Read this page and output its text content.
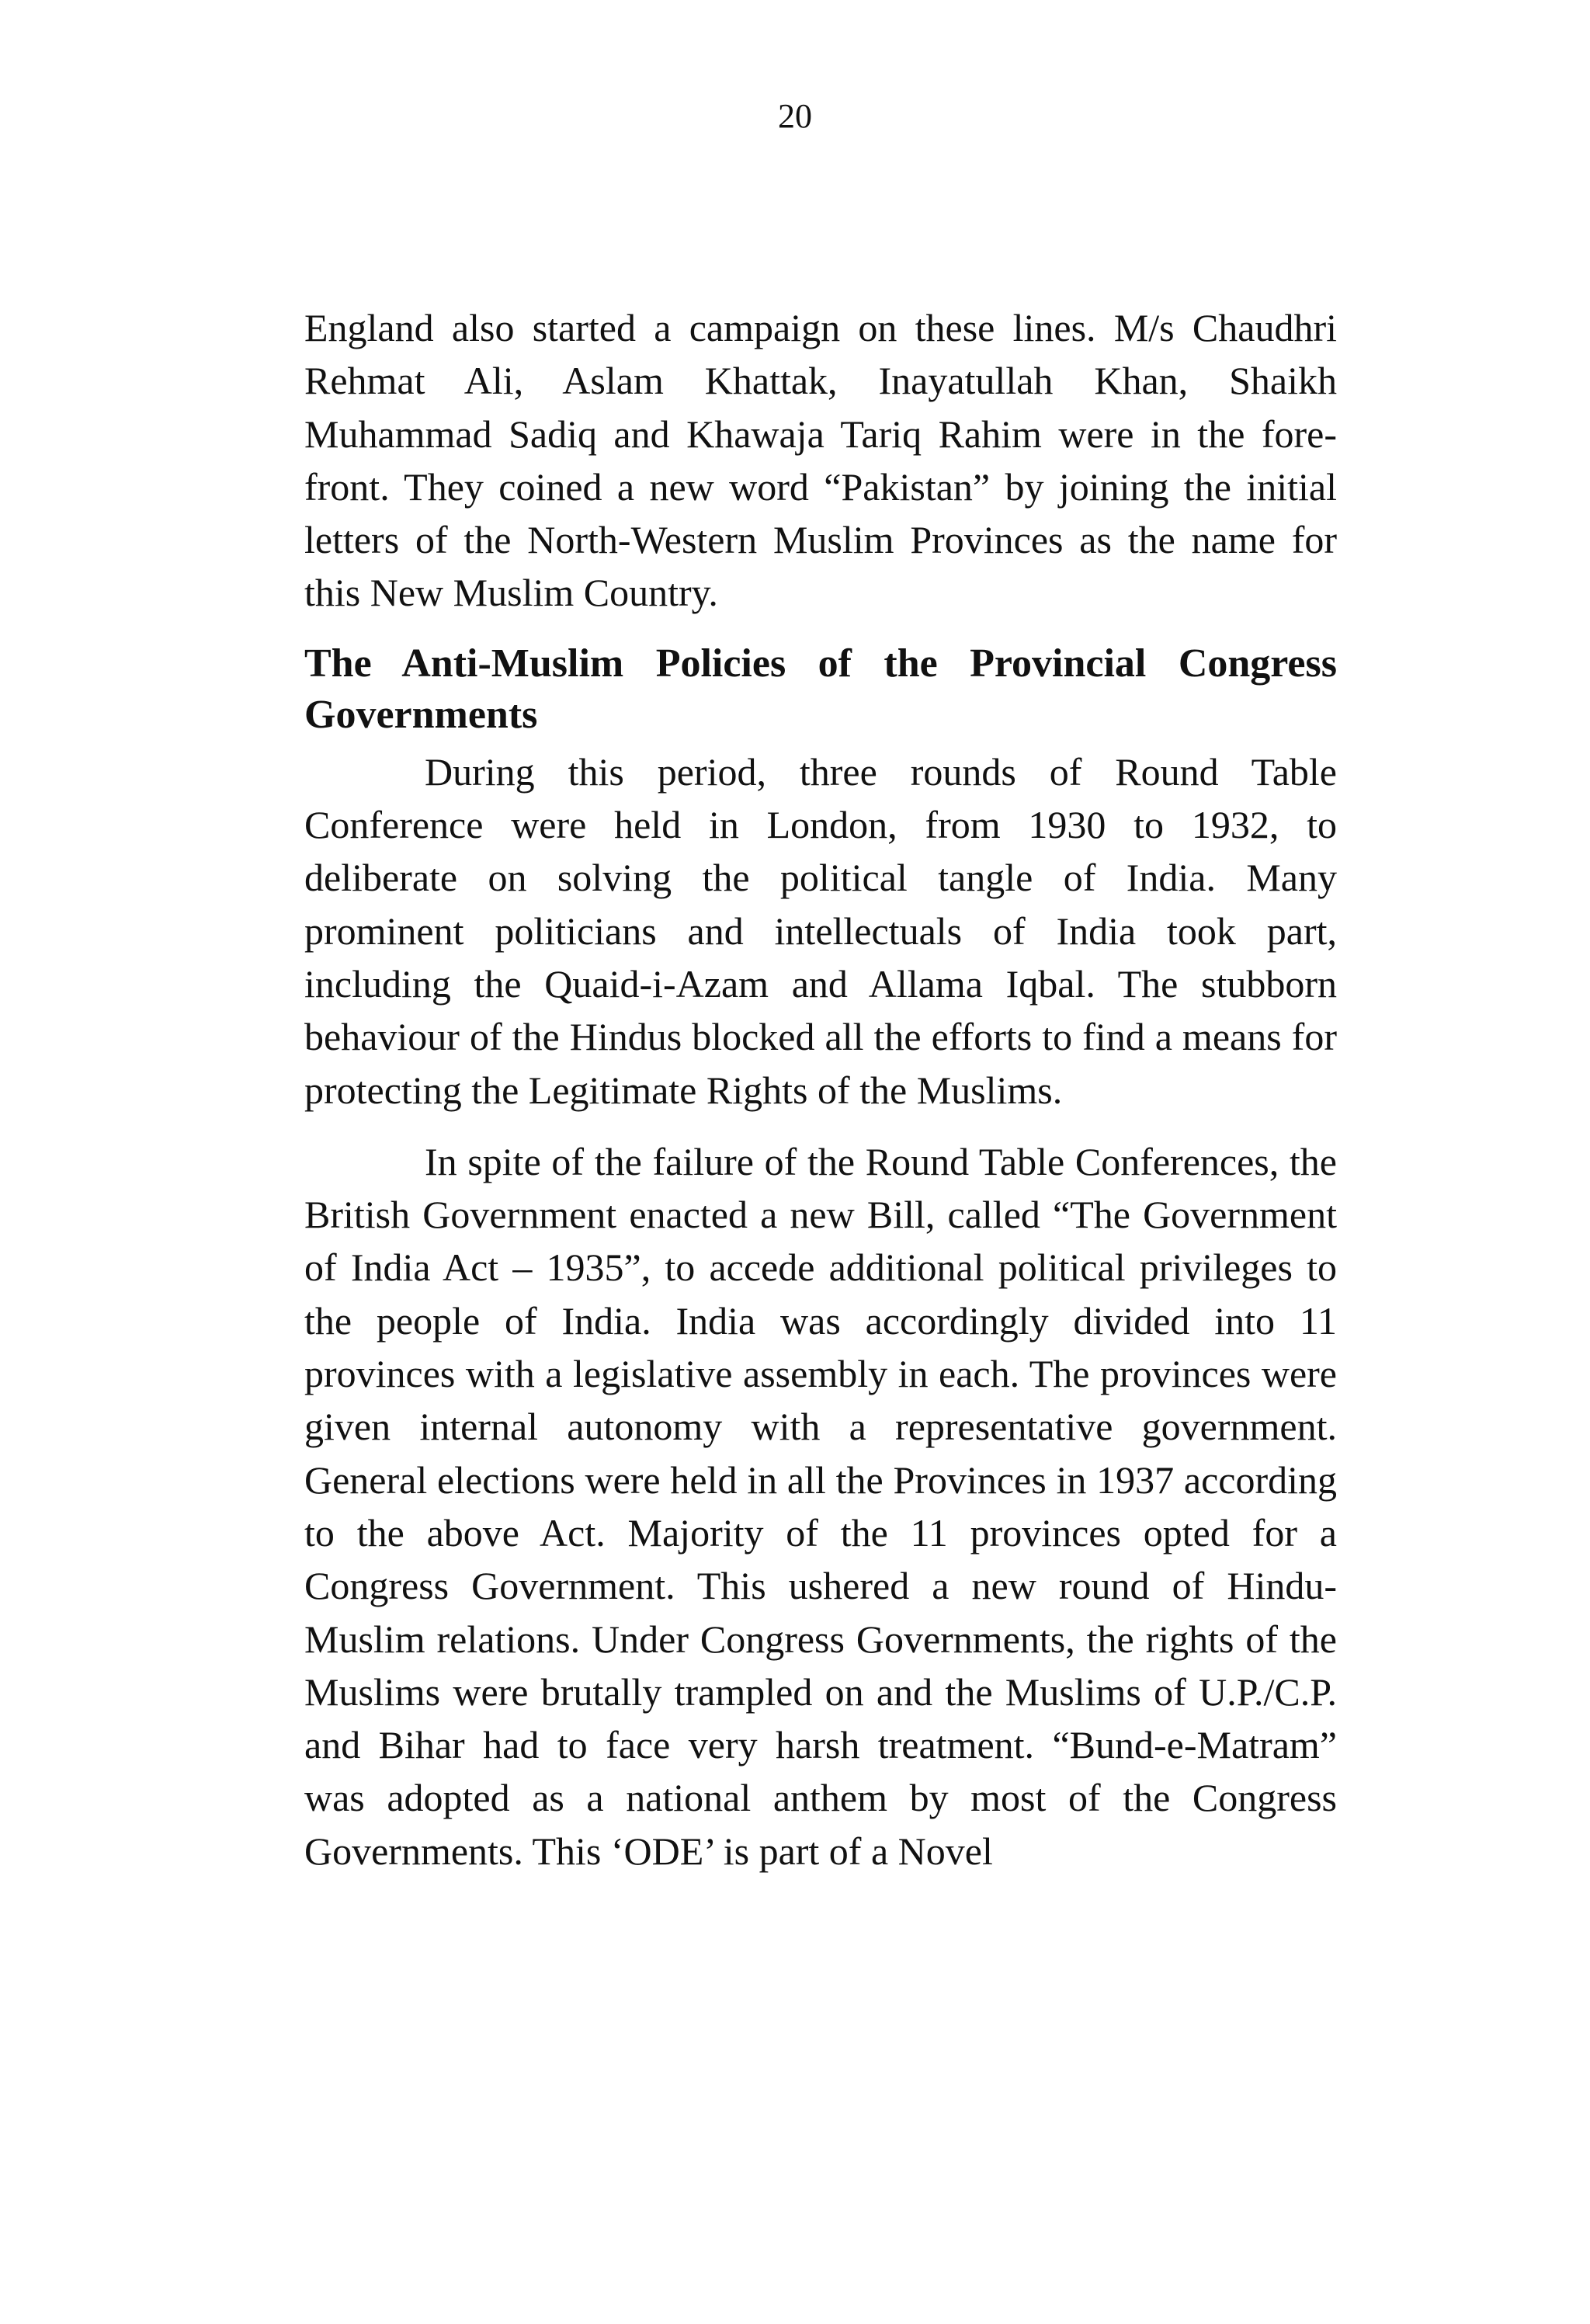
20

England also started a campaign on these lines. M/s Chaudhri Rehmat Ali, Aslam Khattak, Inayatullah Khan, Shaikh Muhammad Sadiq and Khawaja Tariq Rahim were in the fore-front. They coined a new word “Pakistan” by joining the initial letters of the North-Western Muslim Provinces as the name for this New Muslim Country.

The Anti-Muslim Policies of the Provincial Congress Governments

During this period, three rounds of Round Table Conference were held in London, from 1930 to 1932, to deliberate on solving the political tangle of India. Many prominent politicians and intellectuals of India took part, including the Quaid-i-Azam and Allama Iqbal. The stubborn behaviour of the Hindus blocked all the efforts to find a means for protecting the Legitimate Rights of the Muslims.

In spite of the failure of the Round Table Conferences, the British Government enacted a new Bill, called “The Government of India Act – 1935”, to accede additional political privileges to the people of India. India was accordingly divided into 11 provinces with a legislative assembly in each. The provinces were given internal autonomy with a representative government. General elections were held in all the Provinces in 1937 according to the above Act. Majority of the 11 provinces opted for a Congress Government. This ushered a new round of Hindu-Muslim relations. Under Congress Governments, the rights of the Muslims were brutally trampled on and the Muslims of U.P./C.P. and Bihar had to face very harsh treatment. “Bund-e-Matram” was adopted as a national anthem by most of the Congress Governments. This ‘ODE’ is part of a Novel
